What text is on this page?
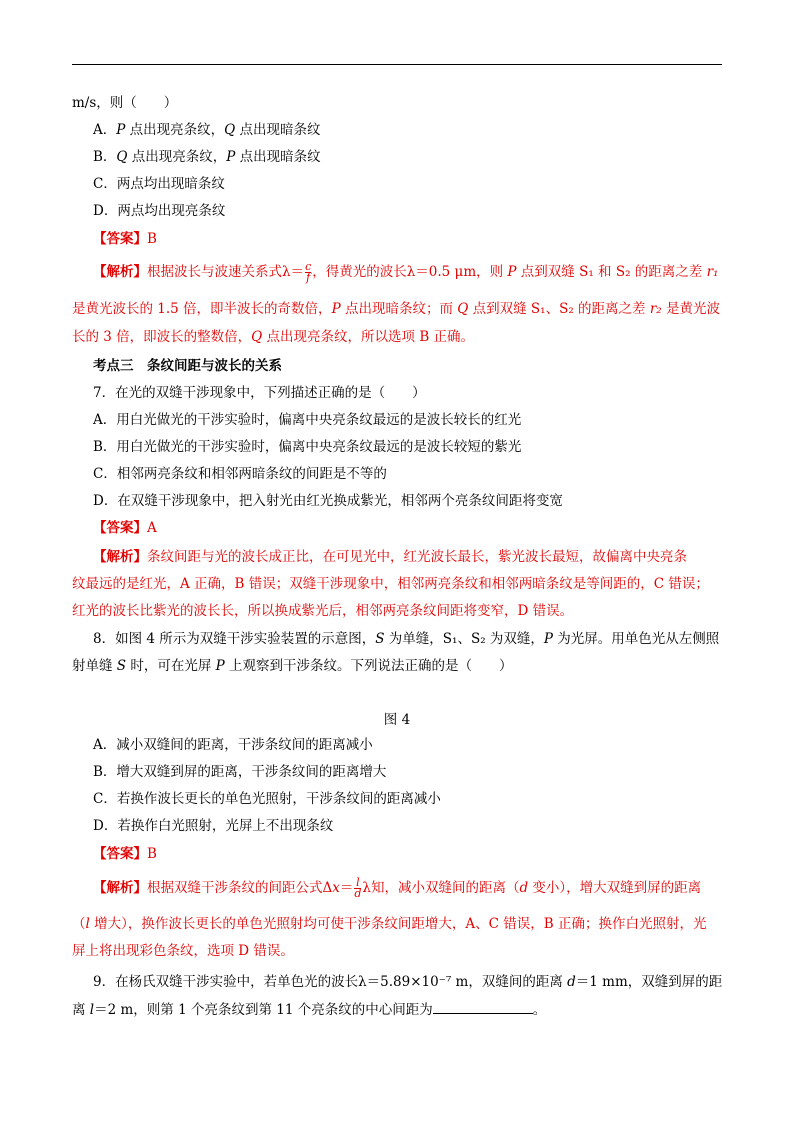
m/s，则（　　）
A．P 点出现亮条纹，Q 点出现暗条纹
B．Q 点出现亮条纹，P 点出现暗条纹
C．两点均出现暗条纹
D．两点均出现亮条纹
【答案】B
【解析】根据波长与波速关系式$\lambda= \frac{c}{f}$ ，得黄光的波长λ＝0.5 μm，则 P 点到双缝 S₁ 和 S₂ 的距离之差 r₁
是黄光波长的 1.5 倍，即半波长的奇数倍，P 点出现暗条纹；而 Q 点到双缝 S₁、S₂ 的距离之差 r₂ 是黄光波
长的 3 倍，即波长的整数倍，Q 点出现亮条纹，所以选项 B 正确。
考点三　条纹间距与波长的关系
7．在光的双缝干涉现象中，下列描述正确的是（　　）
A．用白光做光的干涉实验时，偏离中央亮条纹最远的是波长较长的红光
B．用白光做光的干涉实验时，偏离中央亮条纹最远的是波长较短的紫光
C．相邻两亮条纹和相邻两暗条纹的间距是不等的
D．在双缝干涉现象中，把入射光由红光换成紫光，相邻两个亮条纹间距将变宽
【答案】A
【解析】条纹间距与光的波长成正比，在可见光中，红光波长最长，紫光波长最短，故偏离中央亮条
纹最远的是红光，A 正确，B 错误；双缝干涉现象中，相邻两亮条纹和相邻两暗条纹是等间距的，C 错误；
红光的波长比紫光的波长长，所以换成紫光后，相邻两亮条纹间距将变窄，D 错误。
8．如图 4 所示为双缝干涉实验装置的示意图，S 为单缝，S₁、S₂ 为双缝，P 为光屏。用单色光从左侧照
射单缝 S 时，可在光屏 P 上观察到干涉条纹。下列说法正确的是（　　）
图 4
A．减小双缝间的距离，干涉条纹间的距离减小
B．增大双缝到屏的距离，干涉条纹间的距离增大
C．若换作波长更长的单色光照射，干涉条纹间的距离减小
D．若换作白光照射，光屏上不出现条纹
【答案】B
【解析】根据双缝干涉条纹的间距公式$\Delta x= \frac{l}{d}$ λ知，减小双缝间的距离（d 变小），增大双缝到屏的距离
（l 增大），换作波长更长的单色光照射均可使干涉条纹间距增大，A、C 错误，B 正确；换作白光照射，光
屏上将出现彩色条纹，选项 D 错误。
9．在杨氏双缝干涉实验中，若单色光的波长λ＝5.89×10⁻⁷ m，双缝间的距离 d＝1 mm，双缝到屏的距
离 l＝2 m，则第 1 个亮条纹到第 11 个亮条纹的中心间距为	。
